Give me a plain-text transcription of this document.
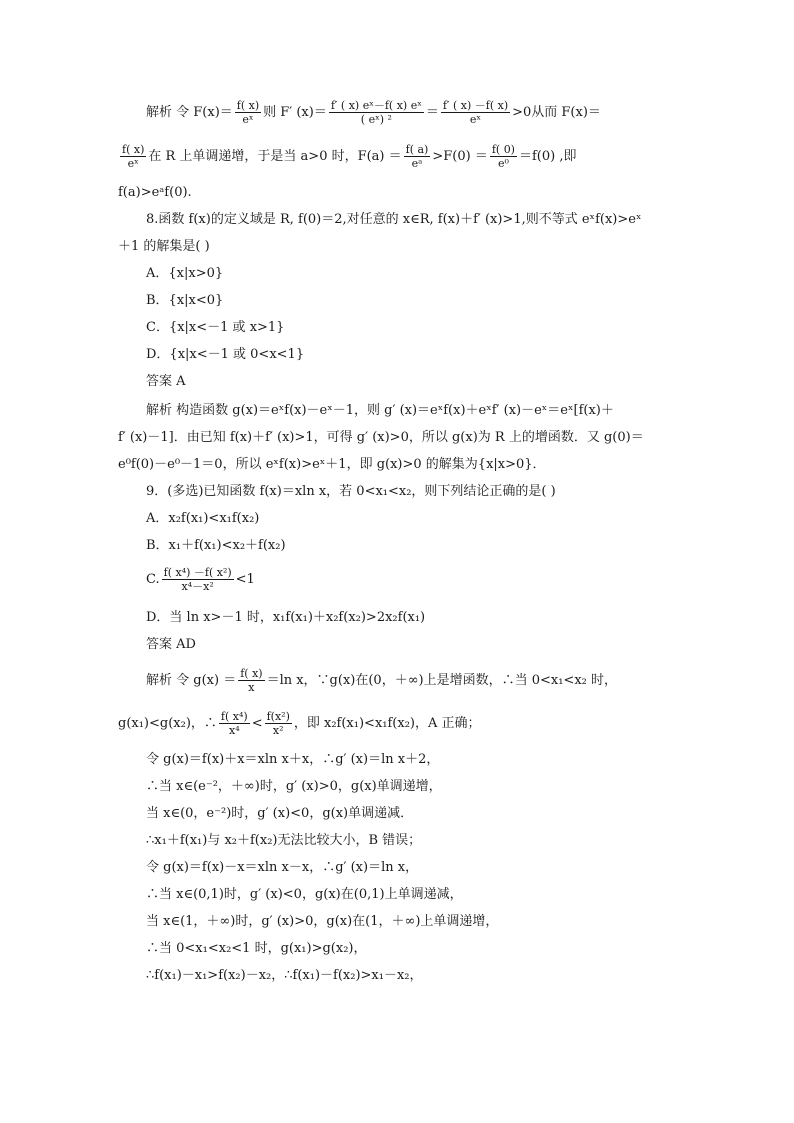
解析 令 $F(x)= \frac{f( x)}{\text{eˣ}}$ 则 F′ $(x)= \frac{\text{f′ ( x) eˣ－f( x) eˣ}}{\text{( eˣ) ²}} = \frac{f' ( x) -f( x)}{\text{eˣ}} >0$从而 F(x)＝
$\frac{f( x)}{\text{eˣ}}$ 在 R 上单调递增，于是当 a>0 时，$F(a) = \frac{f( a)}{\text{eᵃ}} >F(0) = \frac{f( 0)}{\text{e⁰}} =f(0)$ ,即
f(a)>eᵃf(0).
8.函数 f(x)的定义域是 R, f(0)＝2,对任意的 x∈R, f(x)＋f′ (x)>1,则不等式 eˣf(x)>eˣ
＋1 的解集是( )
A．{x|x>0}
B．{x|x<0}
C．{x|x<－1 或 x>1}
D．{x|x<－1 或 0<x<1}
答案 A
解析 构造函数 g(x)＝eˣf(x)－eˣ－1，则 g′ (x)＝eˣf(x)＋eˣf′ (x)－eˣ＝eˣ[f(x)＋
f′ (x)－1]．由已知 f(x)＋f′ (x)>1，可得 g′ (x)>0，所以 g(x)为 R 上的增函数．又 g(0)＝
e⁰f(0)－e⁰－1＝0，所以 eˣf(x)>eˣ＋1，即 g(x)>0 的解集为{x|x>0}．
9．(多选)已知函数 f(x)＝xln x，若 0<x₁<x₂，则下列结论正确的是( )
A．x₂f(x₁)<x₁f(x₂)
B．x₁＋f(x₁)<x₂＋f(x₂)
C. $\frac{\text{f( x⁴) －f( x²)}}{\text{x⁴－x²}} <1$
D．当 ln x>－1 时，x₁f(x₁)＋x₂f(x₂)>2x₂f(x₁)
答案 AD
解析 令 $g(x) = \frac{f( x)}{x} =\ln$ x，∵g(x)在(0，＋∞)上是增函数，∴当 0<x₁<x₂ 时，
g(x₁)<g(x₂)，∴ $\frac{\text{f( x⁴)}}{\text{x⁴}} < \frac{\text{f(x²)}}{\text{x²}}$ ，即 x₂f(x₁)<x₁f(x₂)，A 正确；
令 g(x)＝f(x)＋x＝xln x＋x，∴g′ (x)＝ln x＋2，
∴当 x∈(e⁻²，＋∞)时，g′ (x)>0，g(x)单调递增，
当 x∈(0，e⁻²)时，g′ (x)<0，g(x)单调递减．
∴x₁＋f(x₁)与 x₂＋f(x₂)无法比较大小，B 错误；
令 g(x)＝f(x)－x＝xln x－x，∴g′ (x)＝ln x，
∴当 x∈(0,1)时，g′ (x)<0，g(x)在(0,1)上单调递减，
当 x∈(1，＋∞)时，g′ (x)>0，g(x)在(1，＋∞)上单调递增，
∴当 0<x₁<x₂<1 时，g(x₁)>g(x₂)，
∴f(x₁)－x₁>f(x₂)－x₂，∴f(x₁)－f(x₂)>x₁－x₂，
